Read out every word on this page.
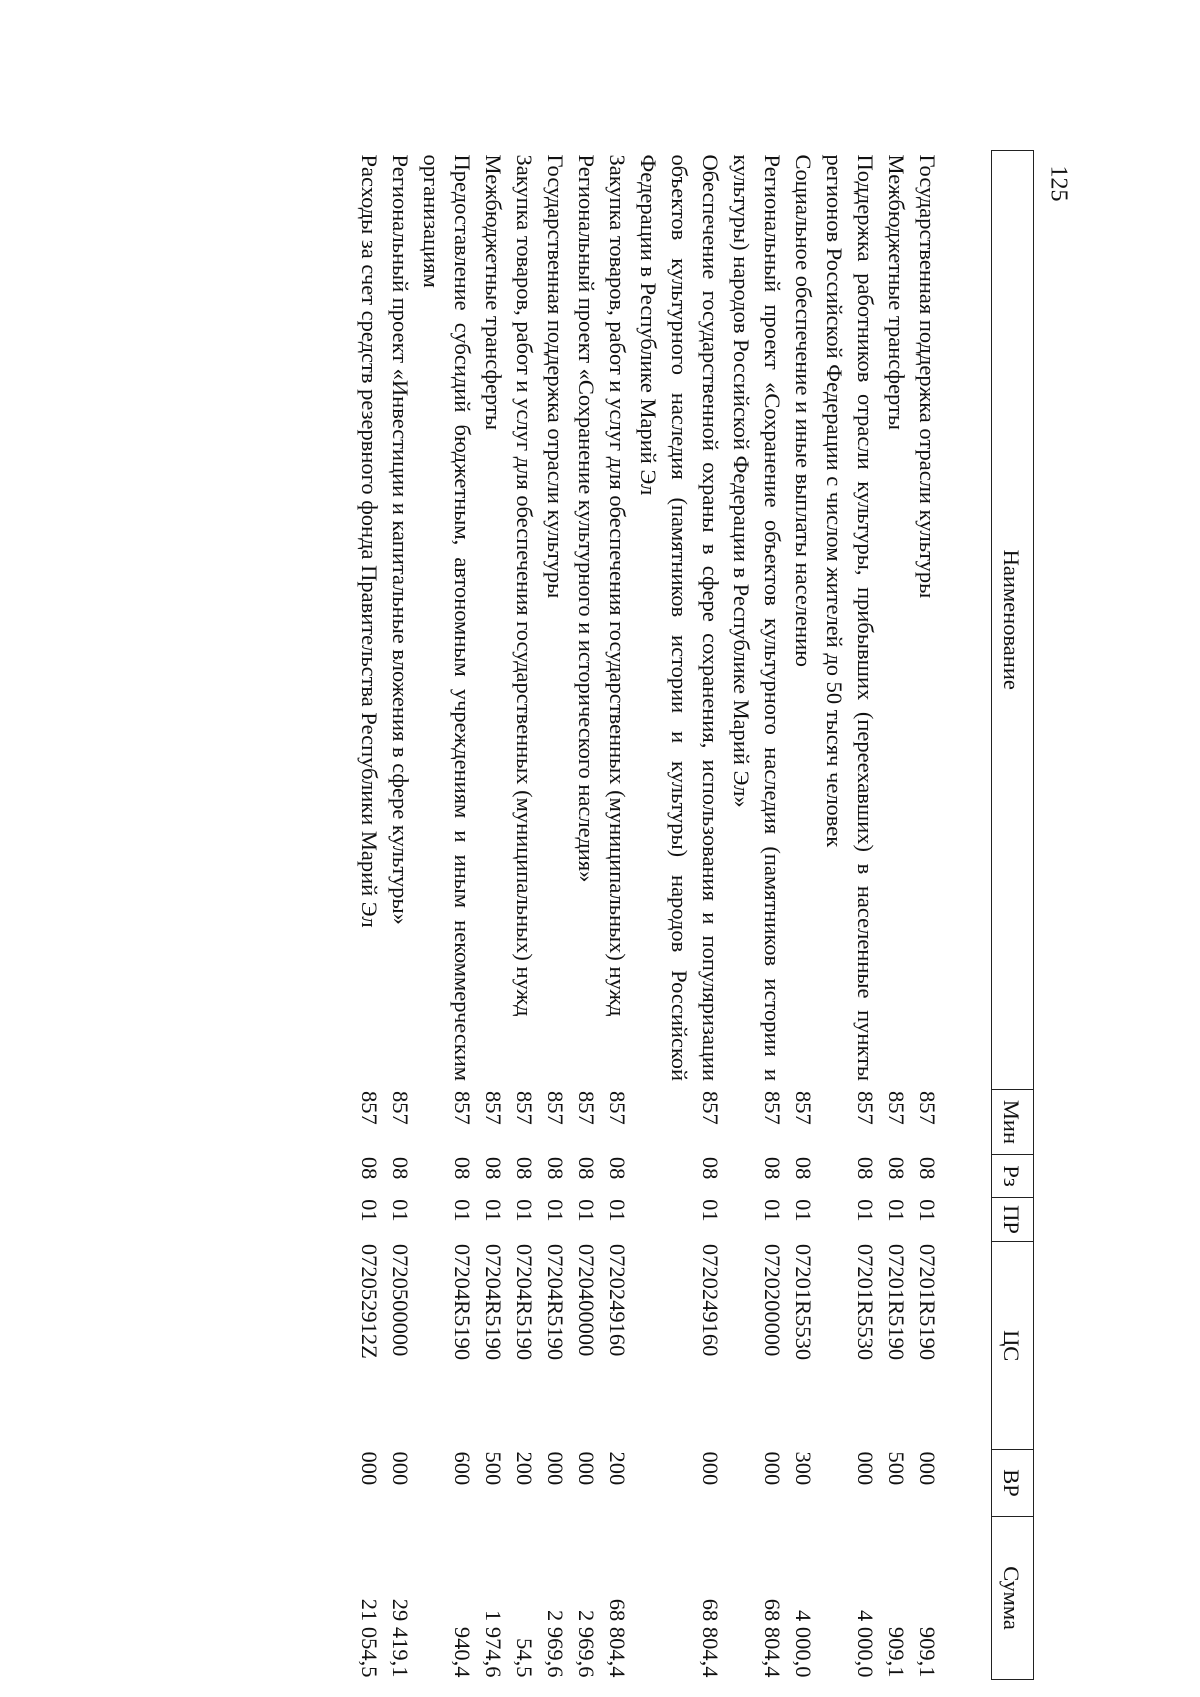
125
Наименование	Мин	Рз	ПР	ЦС	ВР	Сумма
Государственная поддержка отрасли культуры	857	08	01	07201R5190	000	909,1
Межбюджетные трансферты	857	08	01	07201R5190	500	909,1
Поддержка работников отрасли культуры, прибывших (переехавших) в населенные пункты регионов Российской Федерации с числом жителей до 50 тысяч человек	857	08	01	07201R5530	000	4 000,0
Социальное обеспечение и иные выплаты населению	857	08	01	07201R5530	300	4 000,0
Региональный проект «Сохранение объектов культурного наследия (памятников истории и культуры) народов Российской Федерации в Республике Марий Эл»	857	08	01	0720200000	000	68 804,4
Обеспечение государственной охраны в сфере сохранения, использования и популяризации объектов культурного наследия (памятников истории и культуры) народов Российской Федерации в Республике Марий Эл	857	08	01	0720249160	000	68 804,4
Закупка товаров, работ и услуг для обеспечения государственных (муниципальных) нужд	857	08	01	0720249160	200	68 804,4
Региональный проект «Сохранение культурного и исторического наследия»	857	08	01	0720400000	000	2 969,6
Государственная поддержка отрасли культуры	857	08	01	07204R5190	000	2 969,6
Закупка товаров, работ и услуг для обеспечения государственных (муниципальных) нужд	857	08	01	07204R5190	200	54,5
Межбюджетные трансферты	857	08	01	07204R5190	500	1 974,6
Предоставление субсидий бюджетным, автономным учреждениям и иным некоммерческим организациям	857	08	01	07204R5190	600	940,4
Региональный проект «Инвестиции и капитальные вложения в сфере культуры»	857	08	01	0720500000	000	29 419,1
Расходы за счет средств резервного фонда Правительства Республики Марий Эл	857	08	01	072052912Z	000	21 054,5
